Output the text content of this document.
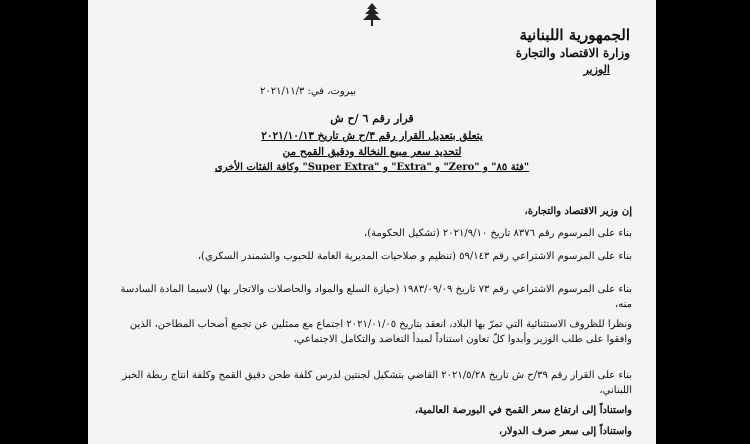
الجمهورية اللبنانية
وزارة الاقتصاد والتجارة
الوزير
بيروت، في: ٢٠٢١/١١/٣
قرار رقم ٦ /ح ش
يتعلق بتعديل القرار رقم ٣/ح ش تاريخ ٢٠٢١/١٠/١٣
لتحديد سعر مبيع النخالة ودقيق القمح من
"فئة ٨٥" و "Zero" و "Extra" و "Super Extra" وكافة الفئات الأخرى
إن وزير الاقتصاد والتجارة،
بناء على المرسوم رقم ٨٣٧٦ تاريخ ٢٠٢١/٩/١٠ (تشكيل الحكومة)،
بناء على المرسوم الاشتراعي رقم ٥٩/١٤٣ (تنظيم و صلاحيات المديرية العامة للحبوب والشمندر السكري)،
بناء على المرسوم الاشتراعي رقم ٧٣ تاريخ ١٩٨٣/٠٩/٠٩ (حيازة السلع والمواد والحاصلات والاتجار بها) لاسيما المادة السادسة منه،
ونظرا للظروف الاستثنائية التي تمرّ بها البلاد، انعقد بتاريخ ٢٠٢١/٠١/٠٥ اجتماع مع ممثلين عن تجمع أصحاب المطاحن، الذين وافقوا على طلب الوزير وأبدوا كلّ تعاون استناداً لمبدأ التعاضد والتكامل الاجتماعي،
بناء على القرار رقم ٣٩/ح ش تاريخ ٢٠٢١/٥/٢٨ القاضي بتشكيل لجنتين لدرس كلفة طحن دقيق القمح وكلفة انتاج ربطة الخبز اللبناني،
واستناداً إلى ارتفاع سعر القمح في البورصة العالمية،
واستناداً إلى سعر صرف الدولار،
